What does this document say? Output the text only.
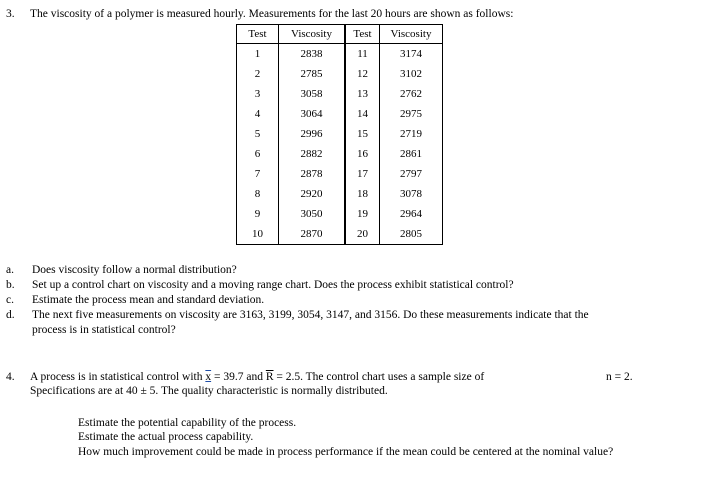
3. The viscosity of a polymer is measured hourly. Measurements for the last 20 hours are shown as follows:
Test	Viscosity	Test	Viscosity
1	2838	11	3174
2	2785	12	3102
3	3058	13	2762
4	3064	14	2975
5	2996	15	2719
6	2882	16	2861
7	2878	17	2797
8	2920	18	3078
9	3050	19	2964
10	2870	20	2805
a. Does viscosity follow a normal distribution?
b. Set up a control chart on viscosity and a moving range chart. Does the process exhibit statistical control?
c. Estimate the process mean and standard deviation.
d. The next five measurements on viscosity are 3163, 3199, 3054, 3147, and 3156. Do these measurements indicate that the
process is in statistical control?
4. A process is in statistical control with x = 39.7 and $\overline{R} = 2.5$. The control chart uses a sample size of	n = 2.
Specifications are at 40 ± 5. The quality characteristic is normally distributed.
Estimate the potential capability of the process.
Estimate the actual process capability.
How much improvement could be made in process performance if the mean could be centered at the nominal value?
